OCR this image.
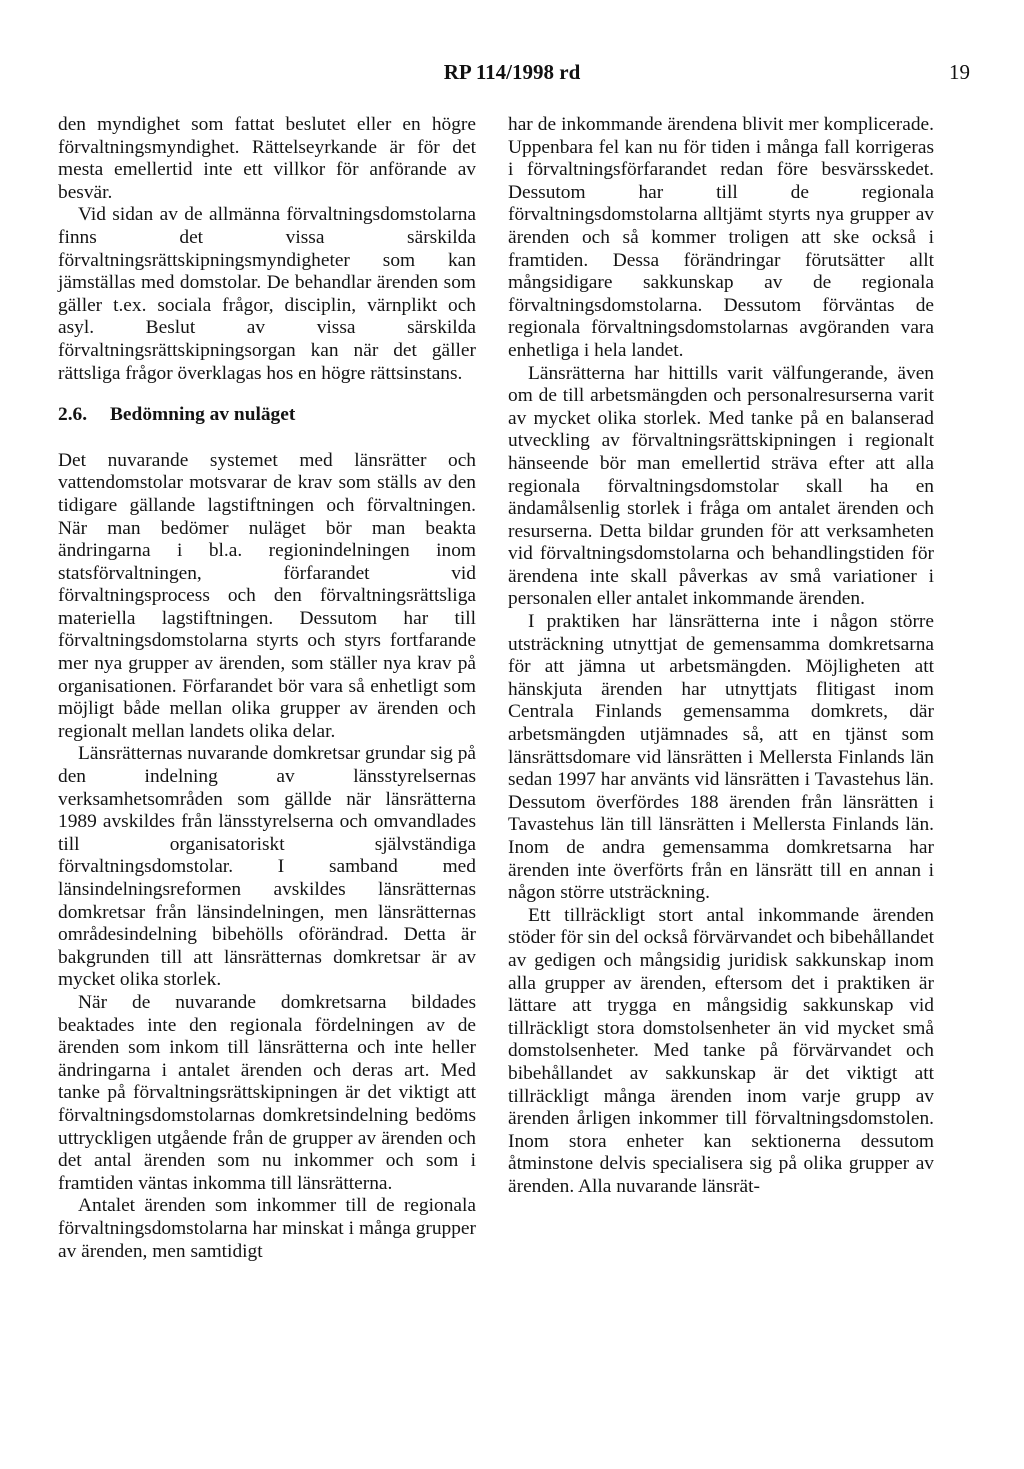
RP 114/1998 rd	19

den myndighet som fattat beslutet eller en högre förvaltningsmyndighet. Rättelseyrkande är för det mesta emellertid inte ett villkor för anförande av besvär.

Vid sidan av de allmänna förvaltningsdomstolarna finns det vissa särskilda förvaltningsrättskipningsmyndigheter som kan jämställas med domstolar. De behandlar ärenden som gäller t.ex. sociala frågor, disciplin, värnplikt och asyl. Beslut av vissa särskilda förvaltningsrättskipningsorgan kan när det gäller rättsliga frågor överklagas hos en högre rättsinstans.

2.6. Bedömning av nuläget

Det nuvarande systemet med länsrätter och vattendomstolar motsvarar de krav som ställs av den tidigare gällande lagstiftningen och förvaltningen. När man bedömer nuläget bör man beakta ändringarna i bl.a. regionindelningen inom statsförvaltningen, förfarandet vid förvaltningsprocess och den förvaltningsrättsliga materiella lagstiftningen. Dessutom har till förvaltningsdomstolarna styrts och styrs fortfarande mer nya grupper av ärenden, som ställer nya krav på organisationen. Förfarandet bör vara så enhetligt som möjligt både mellan olika grupper av ärenden och regionalt mellan landets olika delar.

Länsrätternas nuvarande domkretsar grundar sig på den indelning av länsstyrelsernas verksamhetsområden som gällde när länsrätterna 1989 avskildes från länsstyrelserna och omvandlades till organisatoriskt självständiga förvaltningsdomstolar. I samband med länsindelningsreformen avskildes länsrätternas domkretsar från länsindelningen, men länsrätternas områdesindelning bibehölls oförändrad. Detta är bakgrunden till att länsrätternas domkretsar är av mycket olika storlek.

När de nuvarande domkretsarna bildades beaktades inte den regionala fördelningen av de ärenden som inkom till länsrätterna och inte heller ändringarna i antalet ärenden och deras art. Med tanke på förvaltningsrättskipningen är det viktigt att förvaltningsdomstolarnas domkretsindelning bedöms uttryckligen utgående från de grupper av ärenden och det antal ärenden som nu inkommer och som i framtiden väntas inkomma till länsrätterna.

Antalet ärenden som inkommer till de regionala förvaltningsdomstolarna har minskat i många grupper av ärenden, men samtidigt

har de inkommande ärendena blivit mer komplicerade. Uppenbara fel kan nu för tiden i många fall korrigeras i förvaltningsförfarandet redan före besvärsskedet. Dessutom har till de regionala förvaltningsdomstolarna alltjämt styrts nya grupper av ärenden och så kommer troligen att ske också i framtiden. Dessa förändringar förutsätter allt mångsidigare sakkunskap av de regionala förvaltningsdomstolarna. Dessutom förväntas de regionala förvaltningsdomstolarnas avgöranden vara enhetliga i hela landet.

Länsrätterna har hittills varit välfungerande, även om de till arbetsmängden och personalresurserna varit av mycket olika storlek. Med tanke på en balanserad utveckling av förvaltningsrättskipningen i regionalt hänseende bör man emellertid sträva efter att alla regionala förvaltningsdomstolar skall ha en ändamålsenlig storlek i fråga om antalet ärenden och resurserna. Detta bildar grunden för att verksamheten vid förvaltningsdomstolarna och behandlingstiden för ärendena inte skall påverkas av små variationer i personalen eller antalet inkommande ärenden.

I praktiken har länsrätterna inte i någon större utsträckning utnyttjat de gemensamma domkretsarna för att jämna ut arbetsmängden. Möjligheten att hänskjuta ärenden har utnyttjats flitigast inom Centrala Finlands gemensamma domkrets, där arbetsmängden utjämnades så, att en tjänst som länsrättsdomare vid länsrätten i Mellersta Finlands län sedan 1997 har använts vid länsrätten i Tavastehus län. Dessutom överfördes 188 ärenden från länsrätten i Tavastehus län till länsrätten i Mellersta Finlands län. Inom de andra gemensamma domkretsarna har ärenden inte överförts från en länsrätt till en annan i någon större utsträckning.

Ett tillräckligt stort antal inkommande ärenden stöder för sin del också förvärvandet och bibehållandet av gedigen och mångsidig juridisk sakkunskap inom alla grupper av ärenden, eftersom det i praktiken är lättare att trygga en mångsidig sakkunskap vid tillräckligt stora domstolsenheter än vid mycket små domstolsenheter. Med tanke på förvärvandet och bibehållandet av sakkunskap är det viktigt att tillräckligt många ärenden inom varje grupp av ärenden årligen inkommer till förvaltningsdomstolen. Inom stora enheter kan sektionerna dessutom åtminstone delvis specialisera sig på olika grupper av ärenden. Alla nuvarande länsrät-
